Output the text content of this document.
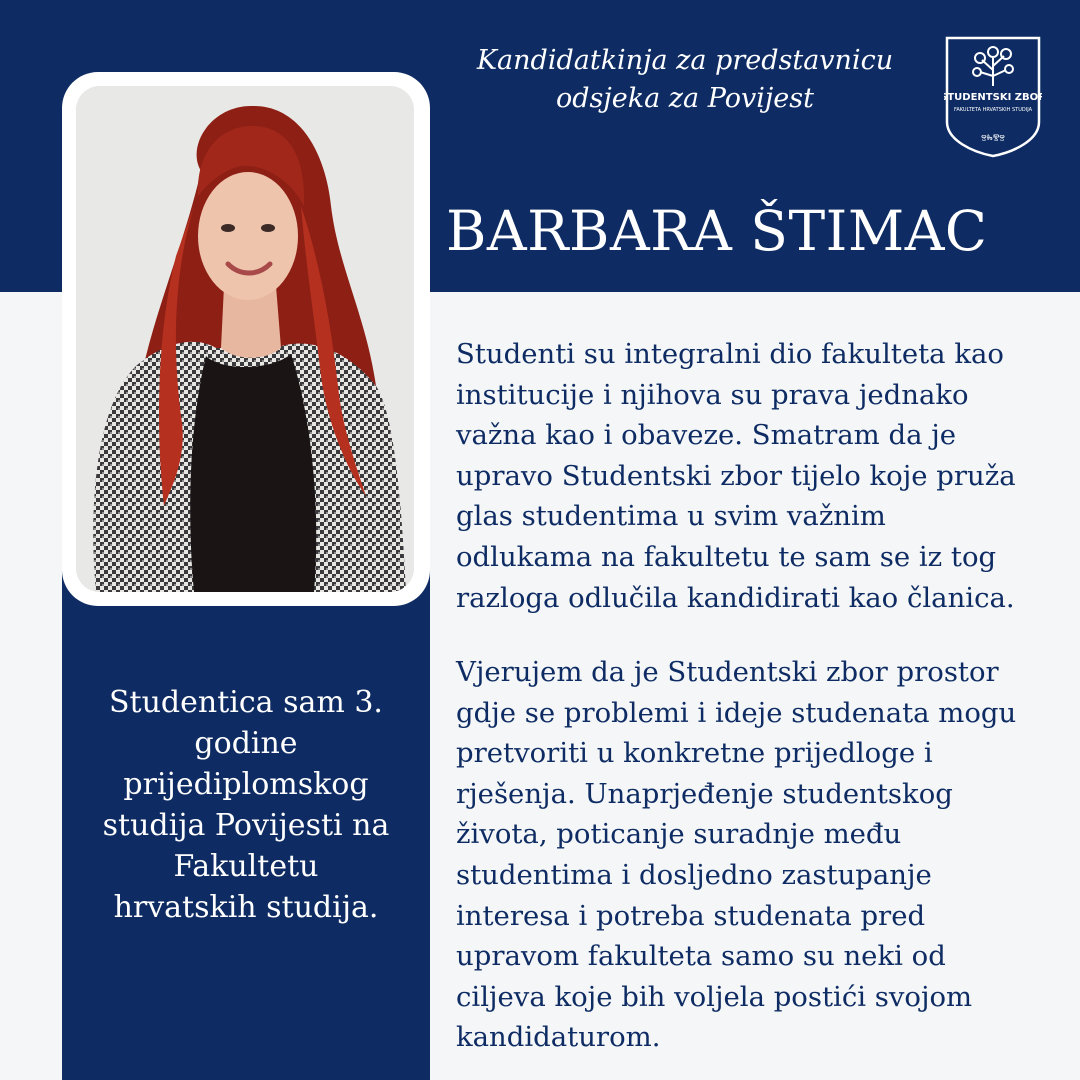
Kandidatkinja za predstavnicu
odsjeka za Povijest	STUDENTSKI ZBOR
FAKULTETA HRVATSKIH STUDIJA
ⰔⰈⰊⰔ
BARBARA ŠTIMAC
Studentica sam 3.
godine
prijediplomskog
studija Povijesti na
Fakultetu
hrvatskih studija.
Studenti su integralni dio fakulteta kao
institucije i njihova su prava jednako
važna kao i obaveze. Smatram da je
upravo Studentski zbor tijelo koje pruža
glas studentima u svim važnim
odlukama na fakultetu te sam se iz tog
razloga odlučila kandidirati kao članica.
Vjerujem da je Studentski zbor prostor
gdje se problemi i ideje studenata mogu
pretvoriti u konkretne prijedloge i
rješenja. Unaprjeđenje studentskog
života, poticanje suradnje među
studentima i dosljedno zastupanje
interesa i potreba studenata pred
upravom fakulteta samo su neki od
ciljeva koje bih voljela postići svojom
kandidaturom.
